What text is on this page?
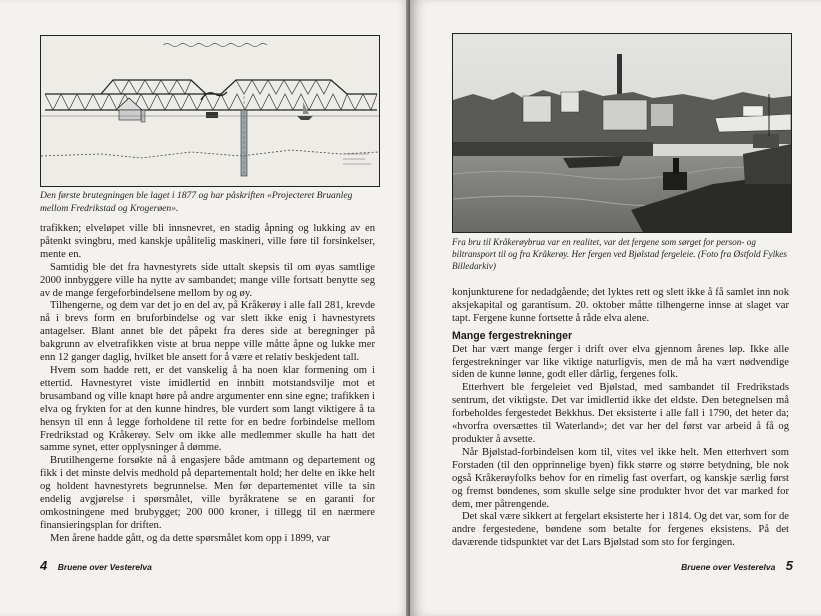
Den første brutegningen ble laget i 1877 og har påskriften «Projecteret Bruanleg mellom Fredrikstad og Krogerøen».

trafikken; elveløpet ville bli innsnevret, en stadig åpning og lukking av en påtenkt svingbru, med kanskje upålitelig maskineri, ville føre til forsinkelser, mente en.

Samtidig ble det fra havnestyrets side uttalt skepsis til om øyas samtlige 2000 innbyggere ville ha nytte av sambandet; mange ville fortsatt benytte seg av de mange fergeforbindelsene mellom by og øy.

Tilhengerne, og dem var det jo en del av, på Kråkerøy i alle fall 281, krevde nå i brevs form en bruforbindelse og var slett ikke enig i havnestyrets antagelser. Blant annet ble det påpekt fra deres side at beregninger på bakgrunn av elvetrafikken viste at brua neppe ville måtte åpne og lukke mer enn 12 ganger daglig, hvilket ble ansett for å være et relativ beskjedent tall.

Hvem som hadde rett, er det vanskelig å ha noen klar formening om i ettertid. Havnestyret viste imidlertid en innbitt motstandsvilje mot et brusamband og ville knapt høre på andre argumenter enn sine egne; trafikken i elva og frykten for at den kunne hindres, ble vurdert som langt viktigere å ta hensyn til enn å legge forholdene til rette for en bedre forbindelse mellom Fredrikstad og Kråkerøy. Selv om ikke alle medlemmer skulle ha hatt det samme synet, etter opplysninger å dømme.

Brutilhengerne forsøkte nå å engasjere både amtmann og departement og fikk i det minste delvis medhold på departementalt hold; her delte en ikke helt og holdent havnestyrets begrunnelse. Men før departementet ville ta sin endelig avgjørelse i spørsmålet, ville byråkratene se en garanti for omkostningene med brubygget; 200 000 kroner, i tillegg til en nærmere finansieringsplan for driften.

Men årene hadde gått, og da dette spørsmålet kom opp i 1899, var

4 Bruene over Vesterelva
Fra bru til Kråkerøybrua var en realitet, var det fergene som sørget for person- og biltransport til og fra Kråkerøy. Her fergen ved Bjølstad fergeleie. (Foto fra Østfold Fylkes Billedarkiv)

konjunkturene for nedadgående; det lyktes rett og slett ikke å få samlet inn nok aksjekapital og garantisum. 20. oktober måtte tilhengerne innse at slaget var tapt. Fergene kunne fortsette å råde elva alene.

Mange fergestrekninger

Det har vært mange ferger i drift over elva gjennom årenes løp. Ikke alle fergestrekninger var like viktige naturligvis, men de må ha vært nødvendige siden de kunne lønne, godt eller dårlig, fergenes folk.

Etterhvert ble fergeleiet ved Bjølstad, med sambandet til Fredrikstads sentrum, det viktigste. Det var imidlertid ikke det eldste. Den betegnelsen må forbeholdes fergestedet Bekkhus. Det eksisterte i alle fall i 1790, det heter da; «hvorfra oversættes til Waterland»; det var her del først var arbeid å få og produkter å avsette.

Når Bjølstad-forbindelsen kom til, vites vel ikke helt. Men etterhvert som Forstaden (til den opprinnelige byen) fikk større og større betydning, ble nok også Kråkerøyfolks behov for en rimelig fast overfart, og kanskje særlig først og fremst bøndenes, som skulle selge sine produkter hvor det var marked for dem, mer påtrengende.

Det skal være sikkert at fergelart eksisterte her i 1814. Og det var, som for de andre fergestedene, bøndene som betalte for fergenes eksistens. På det daværende tidspunktet var det Lars Bjølstad som sto for fergingen.

Bruene over Vesterelva 5
